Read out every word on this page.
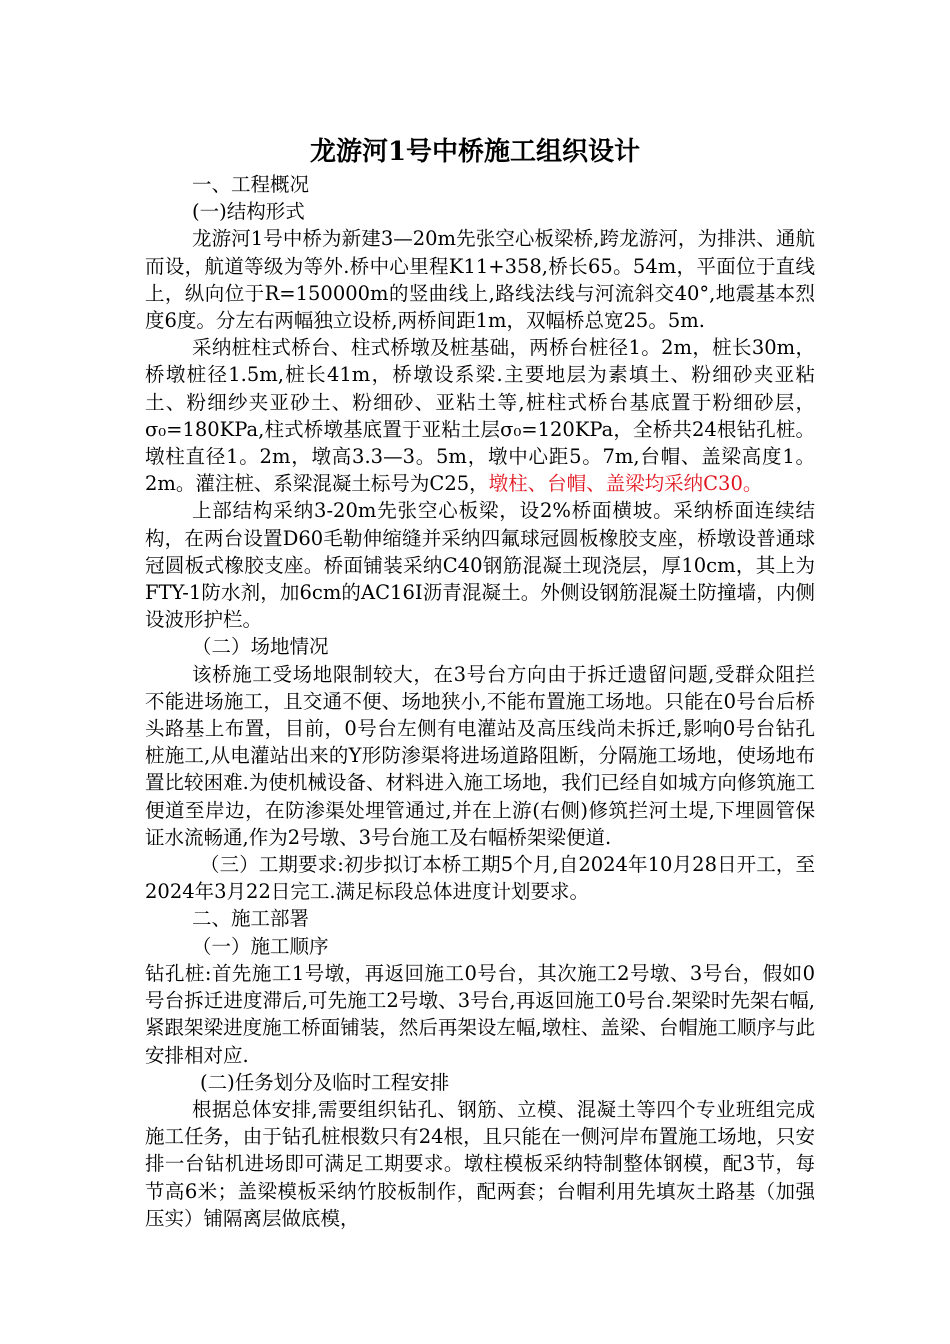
龙游河1号中桥施工组织设计

一、工程概况

(一)结构形式

龙游河1号中桥为新建3—20m先张空心板梁桥,跨龙游河，为排洪、通航而设，航道等级为等外.桥中心里程K11+358,桥长65。54m，平面位于直线上，纵向位于R=150000m的竖曲线上,路线法线与河流斜交40°,地震基本烈度6度。分左右两幅独立设桥,两桥间距1m，双幅桥总宽25。5m.

采纳桩柱式桥台、柱式桥墩及桩基础，两桥台桩径1。2m，桩长30m，桥墩桩径1.5m,桩长41m，桥墩设系梁.主要地层为素填土、粉细砂夹亚粘土、粉细纱夹亚砂土、粉细砂、亚粘土等,桩柱式桥台基底置于粉细砂层，σ₀=180KPa,柱式桥墩基底置于亚粘土层σ₀=120KPa，全桥共24根钻孔桩。墩柱直径1。2m，墩高3.3—3。5m，墩中心距5。7m,台帽、盖梁高度1。2m。灌注桩、系梁混凝土标号为C25，墩柱、台帽、盖梁均采纳C30。

上部结构采纳3-20m先张空心板梁，设2%桥面横坡。采纳桥面连续结构，在两台设置D60毛勒伸缩缝并采纳四氟球冠圆板橡胶支座，桥墩设普通球冠圆板式橡胶支座。桥面铺装采纳C40钢筋混凝土现浇层，厚10cm，其上为FTY-1防水剂，加6cm的AC16I沥青混凝土。外侧设钢筋混凝土防撞墙，内侧设波形护栏。

（二）场地情况

该桥施工受场地限制较大，在3号台方向由于拆迁遗留问题,受群众阻拦不能进场施工，且交通不便、场地狭小,不能布置施工场地。只能在0号台后桥头路基上布置，目前，0号台左侧有电灌站及高压线尚未拆迁,影响0号台钻孔桩施工,从电灌站出来的Y形防渗渠将进场道路阻断，分隔施工场地，使场地布置比较困难.为使机械设备、材料进入施工场地，我们已经自如城方向修筑施工便道至岸边，在防渗渠处埋管通过,并在上游(右侧)修筑拦河土堤,下埋圆管保证水流畅通,作为2号墩、3号台施工及右幅桥架梁便道.

（三）工期要求:初步拟订本桥工期5个月,自2024年10月28日开工，至2024年3月22日完工.满足标段总体进度计划要求。

二、施工部署

（一）施工顺序

钻孔桩:首先施工1号墩，再返回施工0号台，其次施工2号墩、3号台，假如0号台拆迁进度滞后,可先施工2号墩、3号台,再返回施工0号台.架梁时先架右幅,紧跟架梁进度施工桥面铺装，然后再架设左幅,墩柱、盖梁、台帽施工顺序与此安排相对应.

(二)任务划分及临时工程安排

根据总体安排,需要组织钻孔、钢筋、立模、混凝土等四个专业班组完成施工任务，由于钻孔桩根数只有24根，且只能在一侧河岸布置施工场地，只安排一台钻机进场即可满足工期要求。墩柱模板采纳特制整体钢模，配3节，每节高6米；盖梁模板采纳竹胶板制作，配两套；台帽利用先填灰土路基（加强压实）铺隔离层做底模，
